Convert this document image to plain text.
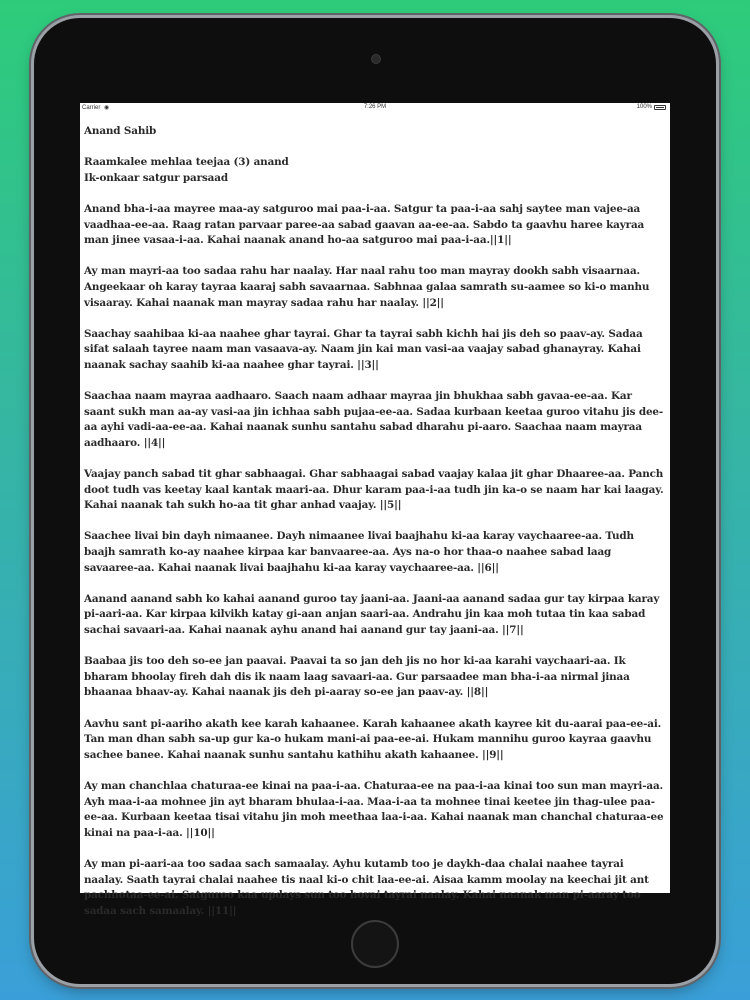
Carrier ◉	7:26 PM	100%
Anand Sahib
Raamkalee mehlaa teejaa (3) anand
Ik-onkaar satgur parsaad

Anand bha-i-aa mayree maa-ay satguroo mai paa-i-aa. Satgur ta paa-i-aa sahj saytee man vajee-aa vaadhaa-ee-aa. Raag ratan parvaar paree-aa sabad gaavan aa-ee-aa. Sabdo ta gaavhu haree kayraa man jinee vasaa-i-aa. Kahai naanak anand ho-aa satguroo mai paa-i-aa.||1||

Ay man mayri-aa too sadaa rahu har naalay. Har naal rahu too man mayray dookh sabh visaarnaa. Angeekaar oh karay tayraa kaaraj sabh savaarnaa. Sabhnaa galaa samrath su-aamee so ki-o manhu visaaray. Kahai naanak man mayray sadaa rahu har naalay. ||2||

Saachay saahibaa ki-aa naahee ghar tayrai. Ghar ta tayrai sabh kichh hai jis deh so paav-ay. Sadaa sifat salaah tayree naam man vasaava-ay. Naam jin kai man vasi-aa vaajay sabad ghanayray. Kahai naanak sachay saahib ki-aa naahee ghar tayrai. ||3||

Saachaa naam mayraa aadhaaro. Saach naam adhaar mayraa jin bhukhaa sabh gavaa-ee-aa. Kar saant sukh man aa-ay vasi-aa jin ichhaa sabh pujaa-ee-aa. Sadaa kurbaan keetaa guroo vitahu jis dee-aa ayhi vadi-aa-ee-aa. Kahai naanak sunhu santahu sabad dharahu pi-aaro. Saachaa naam mayraa aadhaaro. ||4||

Vaajay panch sabad tit ghar sabhaagai. Ghar sabhaagai sabad vaajay kalaa jit ghar Dhaaree-aa. Panch doot tudh vas keetay kaal kantak maari-aa. Dhur karam paa-i-aa tudh jin ka-o se naam har kai laagay. Kahai naanak tah sukh ho-aa tit ghar anhad vaajay. ||5||

Saachee livai bin dayh nimaanee. Dayh nimaanee livai baajhahu ki-aa karay vaychaaree-aa. Tudh baajh samrath ko-ay naahee kirpaa kar banvaaree-aa. Ays na-o hor thaa-o naahee sabad laag savaaree-aa. Kahai naanak livai baajhahu ki-aa karay vaychaaree-aa. ||6||

Aanand aanand sabh ko kahai aanand guroo tay jaani-aa. Jaani-aa aanand sadaa gur tay kirpaa karay pi-aari-aa. Kar kirpaa kilvikh katay gi-aan anjan saari-aa. Andrahu jin kaa moh tutaa tin kaa sabad sachai savaari-aa. Kahai naanak ayhu anand hai aanand gur tay jaani-aa. ||7||

Baabaa jis too deh so-ee jan paavai. Paavai ta so jan deh jis no hor ki-aa karahi vaychaari-aa. Ik bharam bhoolay fireh dah dis ik naam laag savaari-aa. Gur parsaadee man bha-i-aa nirmal jinaa bhaanaa bhaav-ay. Kahai naanak jis deh pi-aaray so-ee jan paav-ay. ||8||

Aavhu sant pi-aariho akath kee karah kahaanee. Karah kahaanee akath kayree kit du-aarai paa-ee-ai. Tan man dhan sabh sa-up gur ka-o hukam mani-ai paa-ee-ai. Hukam mannihu guroo kayraa gaavhu sachee banee. Kahai naanak sunhu santahu kathihu akath kahaanee. ||9||

Ay man chanchlaa chaturaa-ee kinai na paa-i-aa. Chaturaa-ee na paa-i-aa kinai too sun man mayri-aa. Ayh maa-i-aa mohnee jin ayt bharam bhulaa-i-aa. Maa-i-aa ta mohnee tinai keetee jin thag-ulee paa-ee-aa. Kurbaan keetaa tisai vitahu jin moh meethaa laa-i-aa. Kahai naanak man chanchal chaturaa-ee kinai na paa-i-aa. ||10||

Ay man pi-aari-aa too sadaa sach samaalay. Ayhu kutamb too je daykh-daa chalai naahee tayrai naalay. Saath tayrai chalai naahee tis naal ki-o chit laa-ee-ai. Aisaa kamm moolay na keechai jit ant pachhotaa-ee-ai. Satguroo kaa updays sun too hovai tayrai naalay. Kahai naanak man pi-aaray too sadaa sach samaalay. ||11||
